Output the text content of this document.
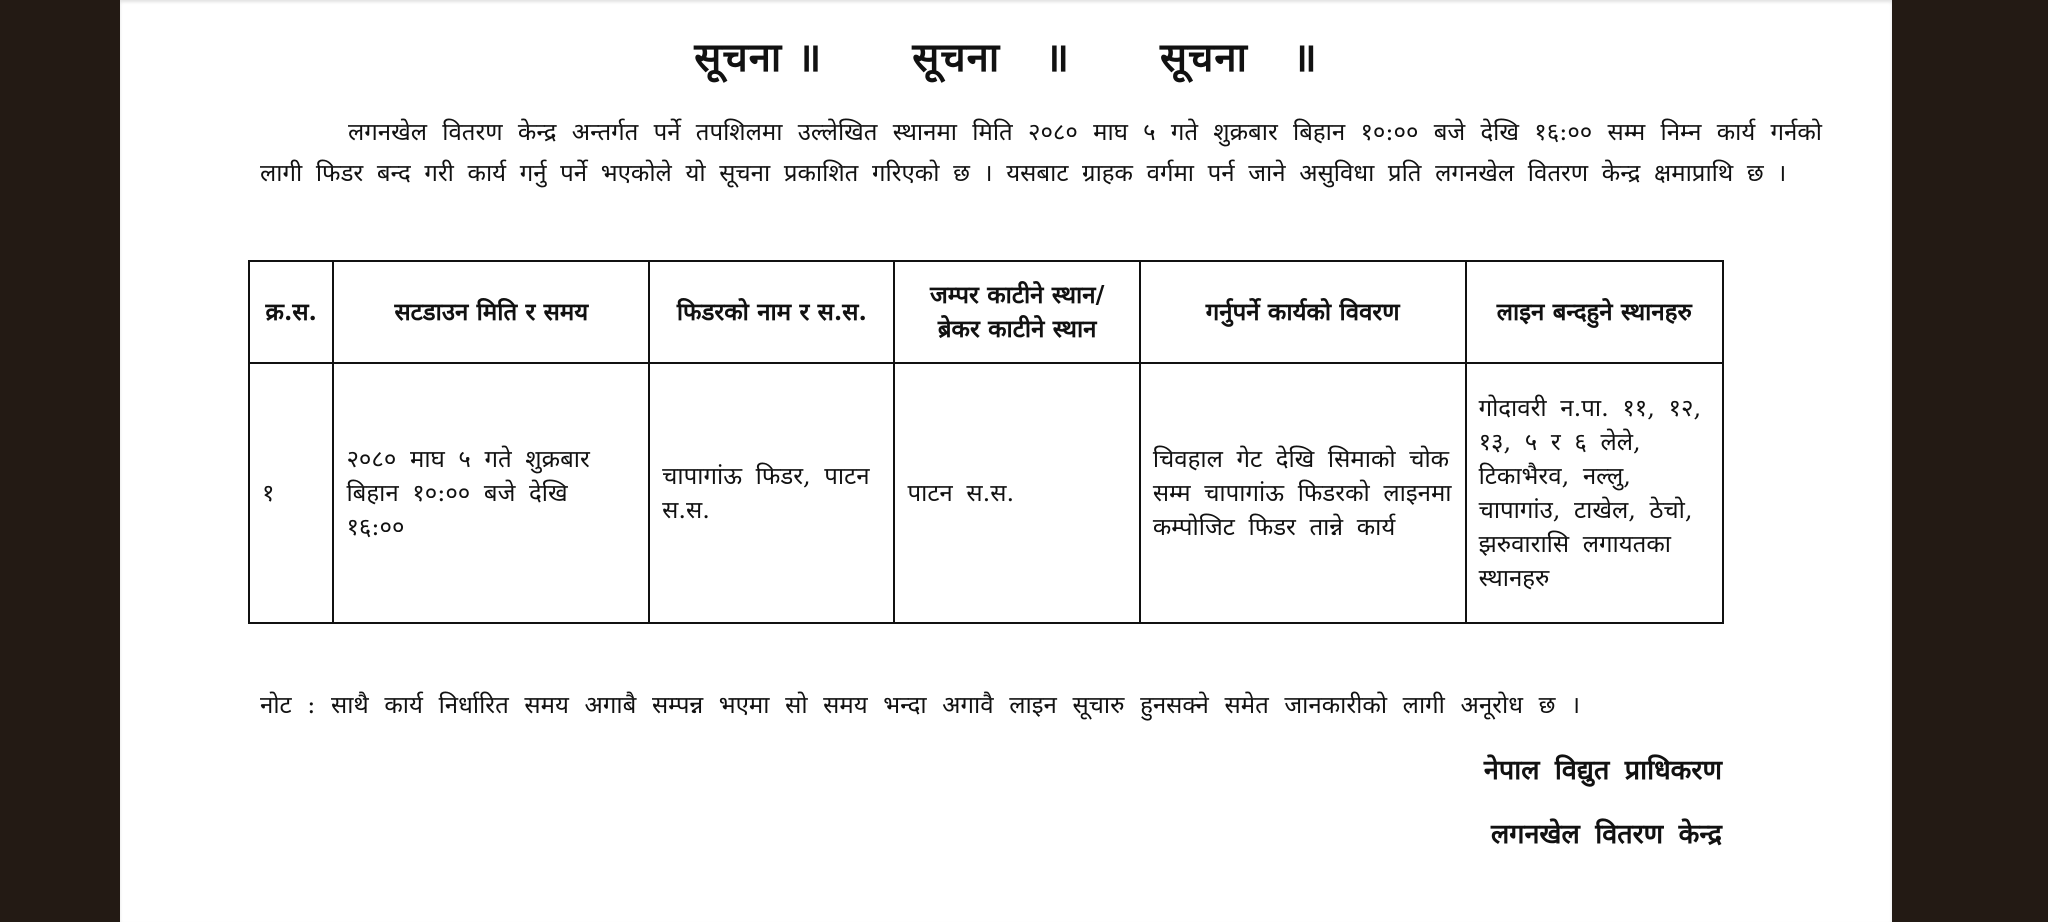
सूचना ॥ सूचना   ॥ सूचना   ॥
लगनखेल वितरण केन्द्र अन्तर्गत पर्ने तपशिलमा उल्लेखित स्थानमा मिति २०८० माघ ५ गते शुक्रबार बिहान १०:०० बजे देखि १६:०० सम्म निम्न कार्य गर्नको लागी फिडर बन्द गरी कार्य गर्नु पर्ने भएकोले यो सूचना प्रकाशित गरिएको छ । यसबाट ग्राहक वर्गमा पर्न जाने असुविधा प्रति लगनखेल वितरण केन्द्र क्षमाप्राथि छ ।
क्र.स.	सटडाउन मिति र समय	फिडरको नाम र स.स.	जम्पर काटीने स्थान/ ब्रेकर काटीने स्थान	गर्नुपर्ने कार्यको विवरण	लाइन बन्दहुने स्थानहरु
१	२०८० माघ ५ गते शुक्रबार बिहान १०:०० बजे देखि १६:००	चापागांऊ फिडर, पाटन स.स.	पाटन स.स.	चिवहाल गेट देखि सिमाको चोक सम्म चापागांऊ फिडरको लाइनमा कम्पोजिट फिडर तान्ने कार्य	गोदावरी न.पा. ११, १२, १३, ५ र ६ लेले, टिकाभैरव, नल्लु, चापागांउ, टाखेल, ठेचो, झरुवारासि लगायतका स्थानहरु
नोट : साथै कार्य निर्धारित समय अगाबै सम्पन्न भएमा सो समय भन्दा अगावै लाइन सूचारु हुनसक्ने समेत जानकारीको लागी अनूरोध छ ।
नेपाल विद्युत प्राधिकरण
लगनखेल वितरण केन्द्र
